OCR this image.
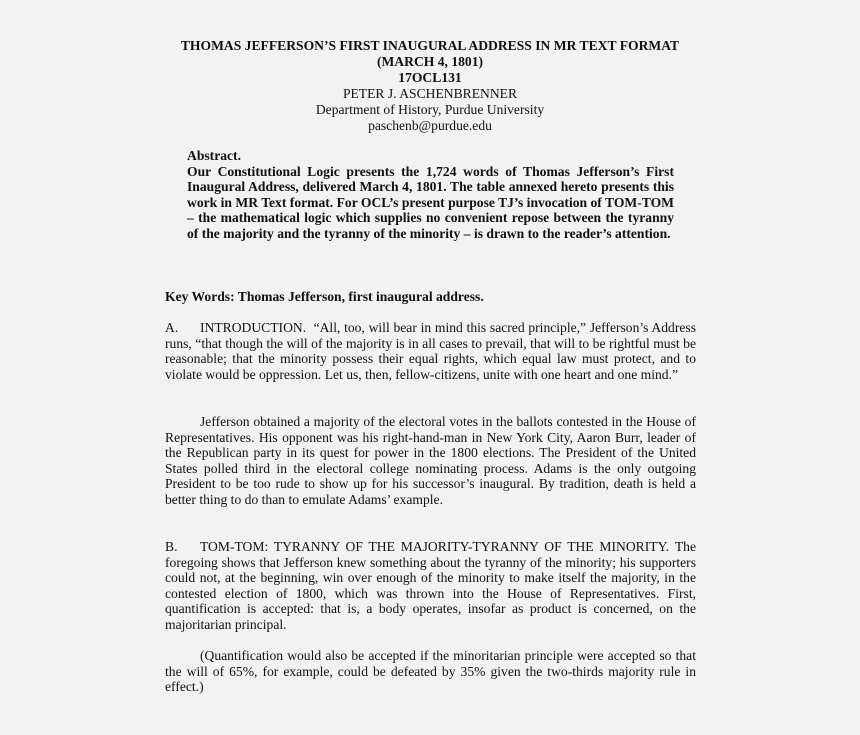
THOMAS JEFFERSON’S FIRST INAUGURAL ADDRESS IN MR TEXT FORMAT
(MARCH 4, 1801)
17OCL131
PETER J. ASCHENBRENNER
Department of History, Purdue University
paschenb@purdue.edu
Abstract.
Our Constitutional Logic presents the 1,724 words of Thomas Jefferson’s First Inaugural Address, delivered March 4, 1801. The table annexed hereto presents this work in MR Text format. For OCL’s present purpose TJ’s invocation of TOM-TOM – the mathematical logic which supplies no convenient repose between the tyranny of the majority and the tyranny of the minority – is drawn to the reader’s attention.
Key Words: Thomas Jefferson, first inaugural address.
A. INTRODUCTION. “All, too, will bear in mind this sacred principle,” Jefferson’s Address runs, “that though the will of the majority is in all cases to prevail, that will to be rightful must be reasonable; that the minority possess their equal rights, which equal law must protect, and to violate would be oppression. Let us, then, fellow-citizens, unite with one heart and one mind.”
Jefferson obtained a majority of the electoral votes in the ballots contested in the House of Representatives. His opponent was his right-hand-man in New York City, Aaron Burr, leader of the Republican party in its quest for power in the 1800 elections. The President of the United States polled third in the electoral college nominating process. Adams is the only outgoing President to be too rude to show up for his successor’s inaugural. By tradition, death is held a better thing to do than to emulate Adams’ example.
B. TOM-TOM: TYRANNY OF THE MAJORITY-TYRANNY OF THE MINORITY. The foregoing shows that Jefferson knew something about the tyranny of the minority; his supporters could not, at the beginning, win over enough of the minority to make itself the majority, in the contested election of 1800, which was thrown into the House of Representatives. First, quantification is accepted: that is, a body operates, insofar as product is concerned, on the majoritarian principal.
(Quantification would also be accepted if the minoritarian principle were accepted so that the will of 65%, for example, could be defeated by 35% given the two-thirds majority rule in effect.)
